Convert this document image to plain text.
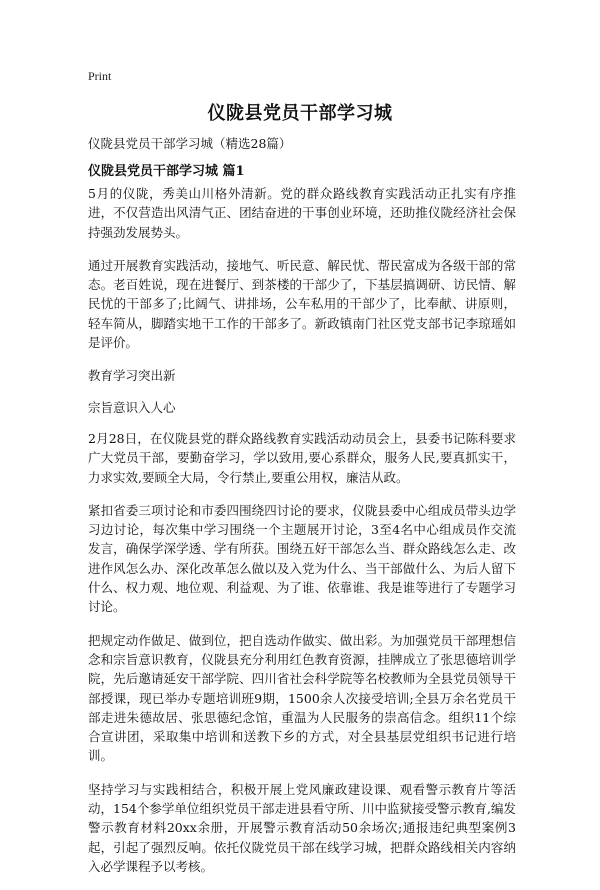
Print
仪陇县党员干部学习城

仪陇县党员干部学习城（精选28篇）

仪陇县党员干部学习城 篇1

5月的仪陇，秀美山川格外清新。党的群众路线教育实践活动正扎实有序推进，不仅营造出风清气正、团结奋进的干事创业环境，还助推仪陇经济社会保持强劲发展势头。

通过开展教育实践活动，接地气、听民意、解民忧、帮民富成为各级干部的常态。老百姓说，现在进餐厅、到茶楼的干部少了，下基层搞调研、访民情、解民忧的干部多了;比阔气、讲排场，公车私用的干部少了，比奉献、讲原则，轻车简从，脚踏实地干工作的干部多了。新政镇南门社区党支部书记李琼瑶如是评价。

教育学习突出新

宗旨意识入人心

2月28日，在仪陇县党的群众路线教育实践活动动员会上，县委书记陈科要求广大党员干部，要勤奋学习，学以致用,要心系群众，服务人民,要真抓实干，力求实效,要顾全大局，令行禁止,要重公用权，廉洁从政。

紧扣省委三项讨论和市委四围绕四讨论的要求，仪陇县委中心组成员带头边学习边讨论，每次集中学习围绕一个主题展开讨论，3至4名中心组成员作交流发言，确保学深学透、学有所获。围绕五好干部怎么当、群众路线怎么走、改进作风怎么办、深化改革怎么做以及入党为什么、当干部做什么、为后人留下什么、权力观、地位观、利益观、为了谁、依靠谁、我是谁等进行了专题学习讨论。

把规定动作做足、做到位，把自选动作做实、做出彩。为加强党员干部理想信念和宗旨意识教育，仪陇县充分利用红色教育资源，挂牌成立了张思德培训学院，先后邀请延安干部学院、四川省社会科学院等名校教师为全县党员领导干部授课，现已举办专题培训班9期，1500余人次接受培训;全县万余名党员干部走进朱德故居、张思德纪念馆，重温为人民服务的崇高信念。组织11个综合宣讲团，采取集中培训和送教下乡的方式，对全县基层党组织书记进行培训。

坚持学习与实践相结合，积极开展上党风廉政建设课、观看警示教育片等活动，154个参学单位组织党员干部走进县看守所、川中监狱接受警示教育,编发警示教育材料20xx余册，开展警示教育活动50余场次;通报违纪典型案例3起，引起了强烈反响。依托仪陇党员干部在线学习城，把群众路线相关内容纳入必学课程予以考核。
